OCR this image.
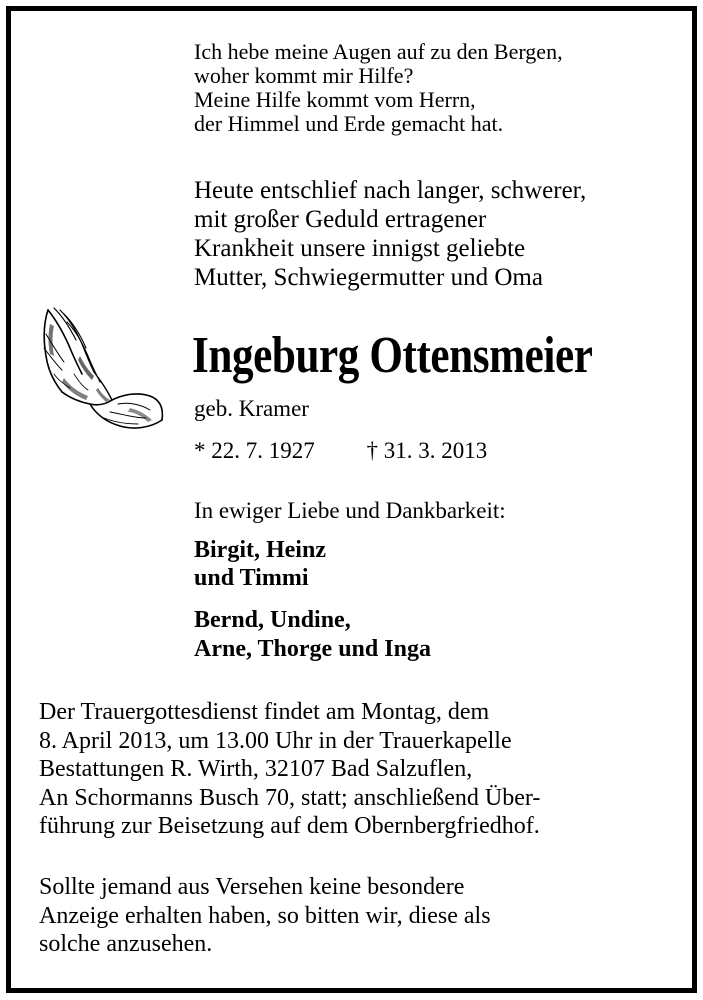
Ich hebe meine Augen auf zu den Bergen,
woher kommt mir Hilfe?
Meine Hilfe kommt vom Herrn,
der Himmel und Erde gemacht hat.
Heute entschlief nach langer, schwerer,
mit großer Geduld ertragener
Krankheit unsere innigst geliebte
Mutter, Schwiegermutter und Oma
Ingeburg Ottensmeier

geb. Kramer

* 22. 7. 1927 † 31. 3. 2013

In ewiger Liebe und Dankbarkeit:

Birgit, Heinz
und Timmi
Bernd, Undine,
Arne, Thorge und Inga
Der Trauergottesdienst findet am Montag, dem
8. April 2013, um 13.00 Uhr in der Trauerkapelle
Bestattungen R. Wirth, 32107 Bad Salzuflen,
An Schormanns Busch 70, statt; anschließend Über-
führung zur Beisetzung auf dem Obernbergfriedhof.
Sollte jemand aus Versehen keine besondere
Anzeige erhalten haben, so bitten wir, diese als
solche anzusehen.
